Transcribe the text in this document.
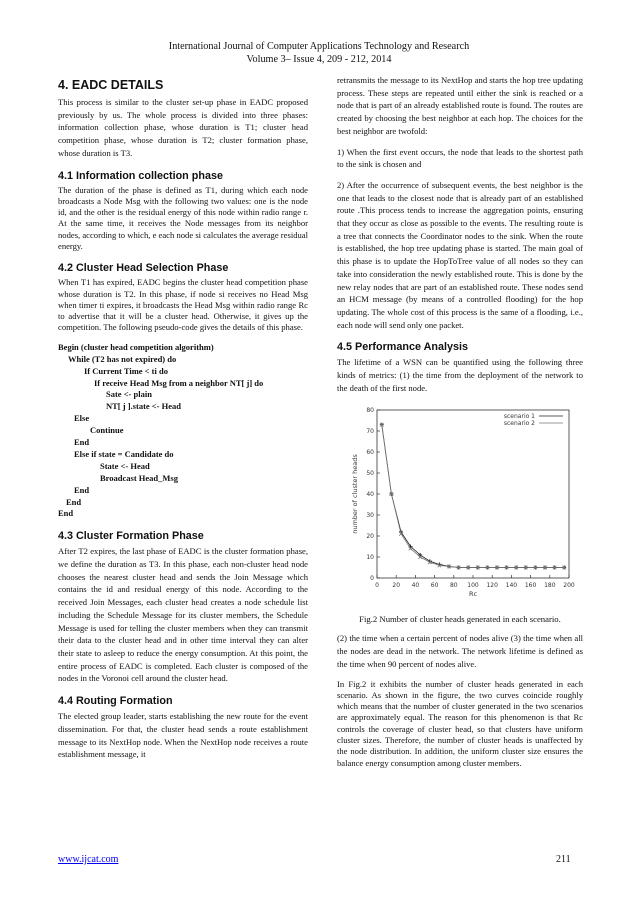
International Journal of Computer Applications Technology and Research
Volume 3– Issue 4, 209 - 212, 2014
4. EADC DETAILS

This process is similar to the cluster set-up phase in EADC proposed previously by us. The whole process is divided into three phases: information collection phase, whose duration is T1; cluster head competition phase, whose duration is T2; cluster formation phase, whose duration is T3.

4.1 Information collection phase

The duration of the phase is defined as T1, during which each node broadcasts a Node Msg with the following two values: one is the node id, and the other is the residual energy of this node within radio range r. At the same time, it receives the Node messages from its neighbor nodes, according to which, e each node si calculates the average residual energy.

4.2 Cluster Head Selection Phase

When T1 has expired, EADC begins the cluster head competition phase whose duration is T2. In this phase, if node si receives no Head Msg when timer ti expires, it broadcasts the Head Msg within radio range Rc to advertise that it will be a cluster head. Otherwise, it gives up the competition. The following pseudo-code gives the details of this phase.

Begin (cluster head competition algorithm)
While (T2 has not expired) do
If Current Time < ti do
If receive Head Msg from a neighbor NT[ j] do
Sate <- plain
NT[ j ].state <- Head
Else
Continue
End
Else if state = Candidate do
State <- Head
Broadcast Head_Msg
End
End
End
4.3 Cluster Formation Phase

After T2 expires, the last phase of EADC is the cluster formation phase, we define the duration as T3. In this phase, each non-cluster head node chooses the nearest cluster head and sends the Join Message which contains the id and residual energy of this node. According to the received Join Messages, each cluster head creates a node schedule list including the Schedule Message for its cluster members, the Schedule Message is used for telling the cluster members when they can transmit their data to the cluster head and in other time interval they can alter their state to asleep to reduce the energy consumption. At this point, the entire process of EADC is completed. Each cluster is composed of the nodes in the Voronoi cell around the cluster head.

4.4 Routing Formation

The elected group leader, starts establishing the new route for the event dissemination. For that, the cluster head sends a route establishment message to its NextHop node. When the NextHop node receives a route establishment message, it

retransmits the message to its NextHop and starts the hop tree updating process. These steps are repeated until either the sink is reached or a node that is part of an already established route is found. The routes are created by choosing the best neighbor at each hop. The choices for the best neighbor are twofold:

1) When the first event occurs, the node that leads to the shortest path to the sink is chosen and

2) After the occurrence of subsequent events, the best neighbor is the one that leads to the closest node that is already part of an established route .This process tends to increase the aggregation points, ensuring that they occur as close as possible to the events. The resulting route is a tree that connects the Coordinator nodes to the sink. When the route is established, the hop tree updating phase is started. The main goal of this phase is to update the HopToTree value of all nodes so they can take into consideration the newly established route. This is done by the new relay nodes that are part of an established route. These nodes send an HCM message (by means of a controlled flooding) for the hop updating. The whole cost of this process is the same of a flooding, i.e., each node will send only one packet.

4.5 Performance Analysis

The lifetime of a WSN can be quantified using the following three kinds of metrics: (1) the time from the deployment of the network to the death of the first node.

0 20 40 60 80 100 120 140 160 180 200
0
10
20
30
40
50
60
70
80
Rc
number of cluster heads
scenario 1
scenario 2
Fig.2 Number of cluster heads generated in each scenario.

(2) the time when a certain percent of nodes alive (3) the time when all the nodes are dead in the network. The network lifetime is defined as the time when 90 percent of nodes alive.

In Fig.2 it exhibits the number of cluster heads generated in each scenario. As shown in the figure, the two curves coincide roughly which means that the number of cluster generated in the two scenarios are approximately equal. The reason for this phenomenon is that Rc controls the coverage of cluster head, so that clusters have uniform cluster sizes. Therefore, the number of cluster heads is unaffected by the node distribution. In addition, the uniform cluster size ensures the balance energy consumption among cluster members.

www.ijcat.com	211
